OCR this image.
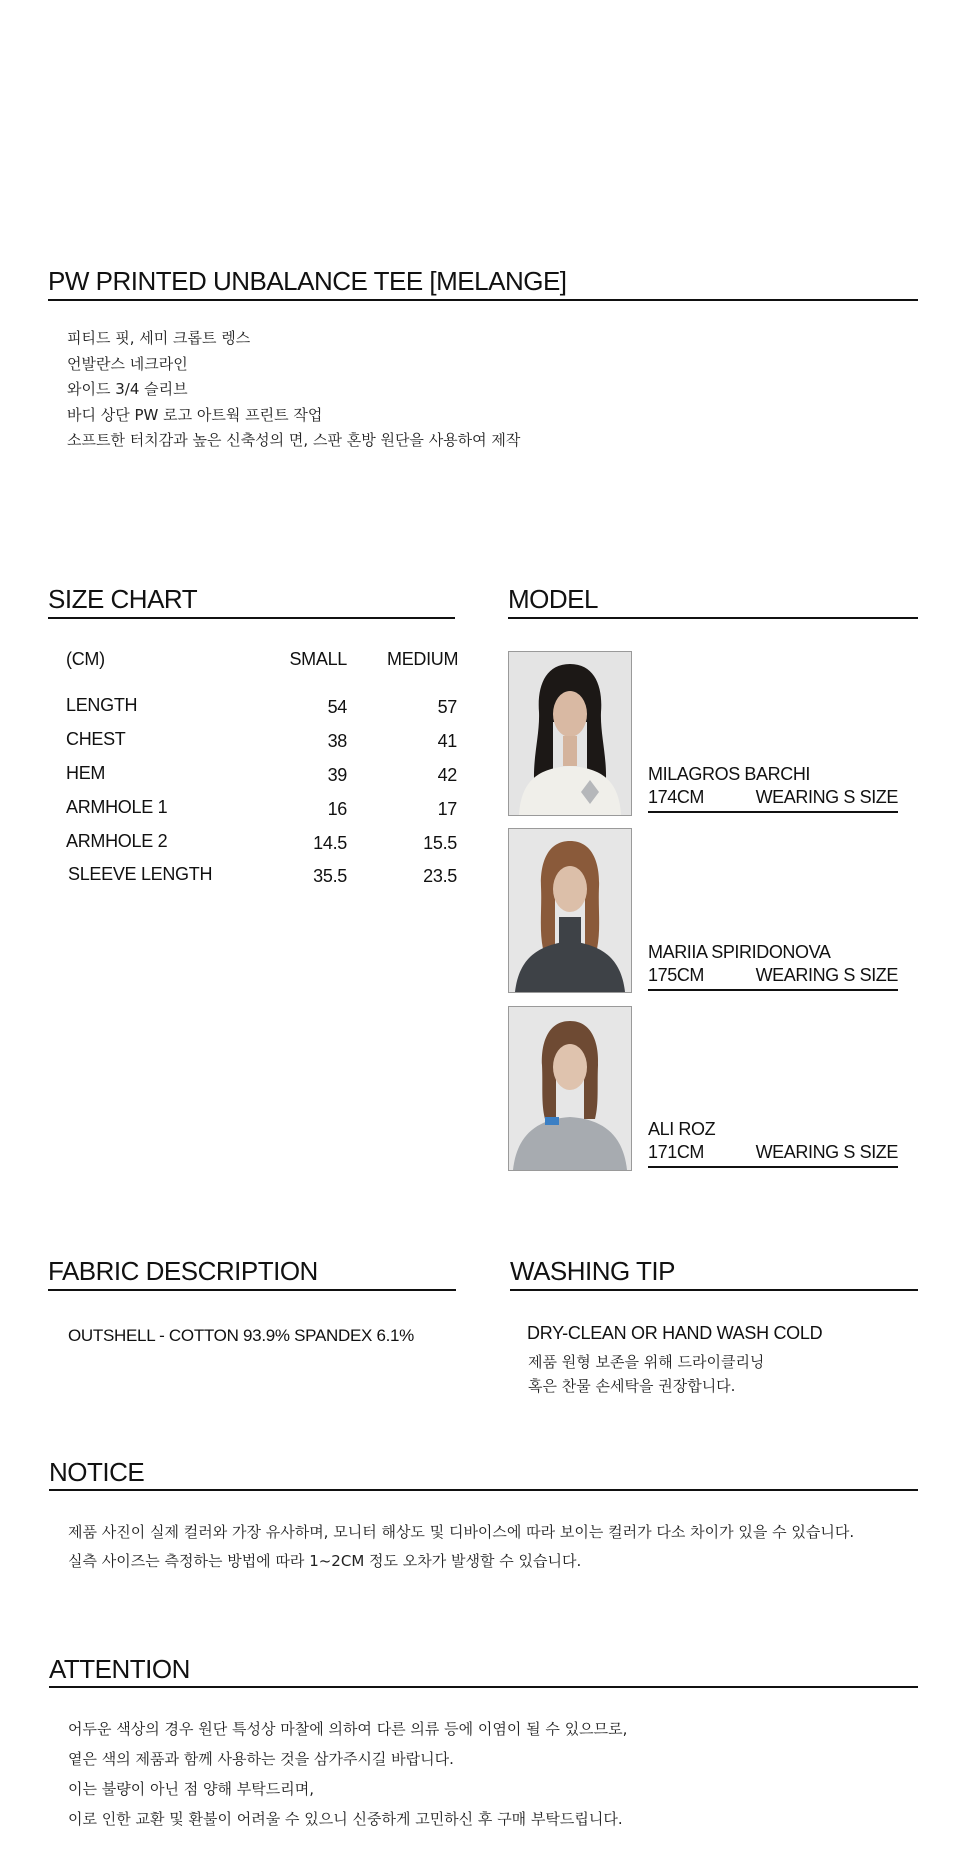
PW PRINTED UNBALANCE TEE [MELANGE]
피티드 핏, 세미 크롭트 렝스
언발란스 네크라인
와이드 3/4 슬리브
바디 상단 PW 로고 아트웍 프린트 작업
소프트한 터치감과 높은 신축성의 면, 스판 혼방 원단을 사용하여 제작
SIZE CHART
(CM)	SMALL MEDIUM
LENGTH	54	57
CHEST	38	41
HEM	39	42
ARMHOLE 1	16	17
ARMHOLE 2	14.5	15.5
SLEEVE LENGTH	35.5	23.5
MODEL
MILAGROS BARCHI
174CM	WEARING S SIZE
MARIIA SPIRIDONOVA
175CM	WEARING S SIZE
ALI ROZ
171CM	WEARING S SIZE
FABRIC DESCRIPTION
OUTSHELL - COTTON 93.9% SPANDEX 6.1%
WASHING TIP
DRY-CLEAN OR HAND WASH COLD
제품 원형 보존을 위해 드라이클리닝
혹은 찬물 손세탁을 권장합니다.
NOTICE
제품 사진이 실제 컬러와 가장 유사하며, 모니터 해상도 및 디바이스에 따라 보이는 컬러가 다소 차이가 있을 수 있습니다.
실측 사이즈는 측정하는 방법에 따라 1~2CM 정도 오차가 발생할 수 있습니다.
ATTENTION
어두운 색상의 경우 원단 특성상 마찰에 의하여 다른 의류 등에 이염이 될 수 있으므로,
옅은 색의 제품과 함께 사용하는 것을 삼가주시길 바랍니다.
이는 불량이 아닌 점 양해 부탁드리며,
이로 인한 교환 및 환불이 어려울 수 있으니 신중하게 고민하신 후 구매 부탁드립니다.
